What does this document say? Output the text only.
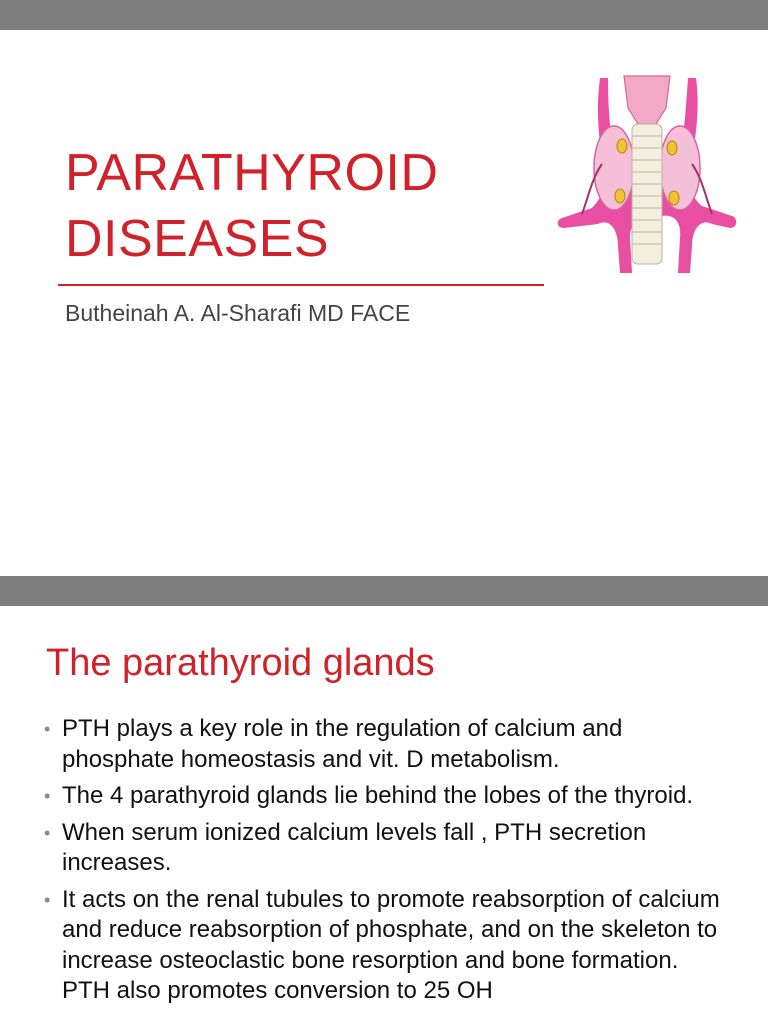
PARATHYROID
DISEASES
Butheinah A. Al-Sharafi MD FACE
The parathyroid glands
• PTH plays a key role in the regulation of calcium and phosphate homeostasis and vit. D metabolism.
• The 4 parathyroid glands lie behind the lobes of the thyroid.
• When serum ionized calcium levels fall , PTH secretion increases.
• It acts on the renal tubules to promote reabsorption of calcium and reduce reabsorption of phosphate, and on the skeleton to increase osteoclastic bone resorption and bone formation. PTH also promotes conversion to 25 OH
